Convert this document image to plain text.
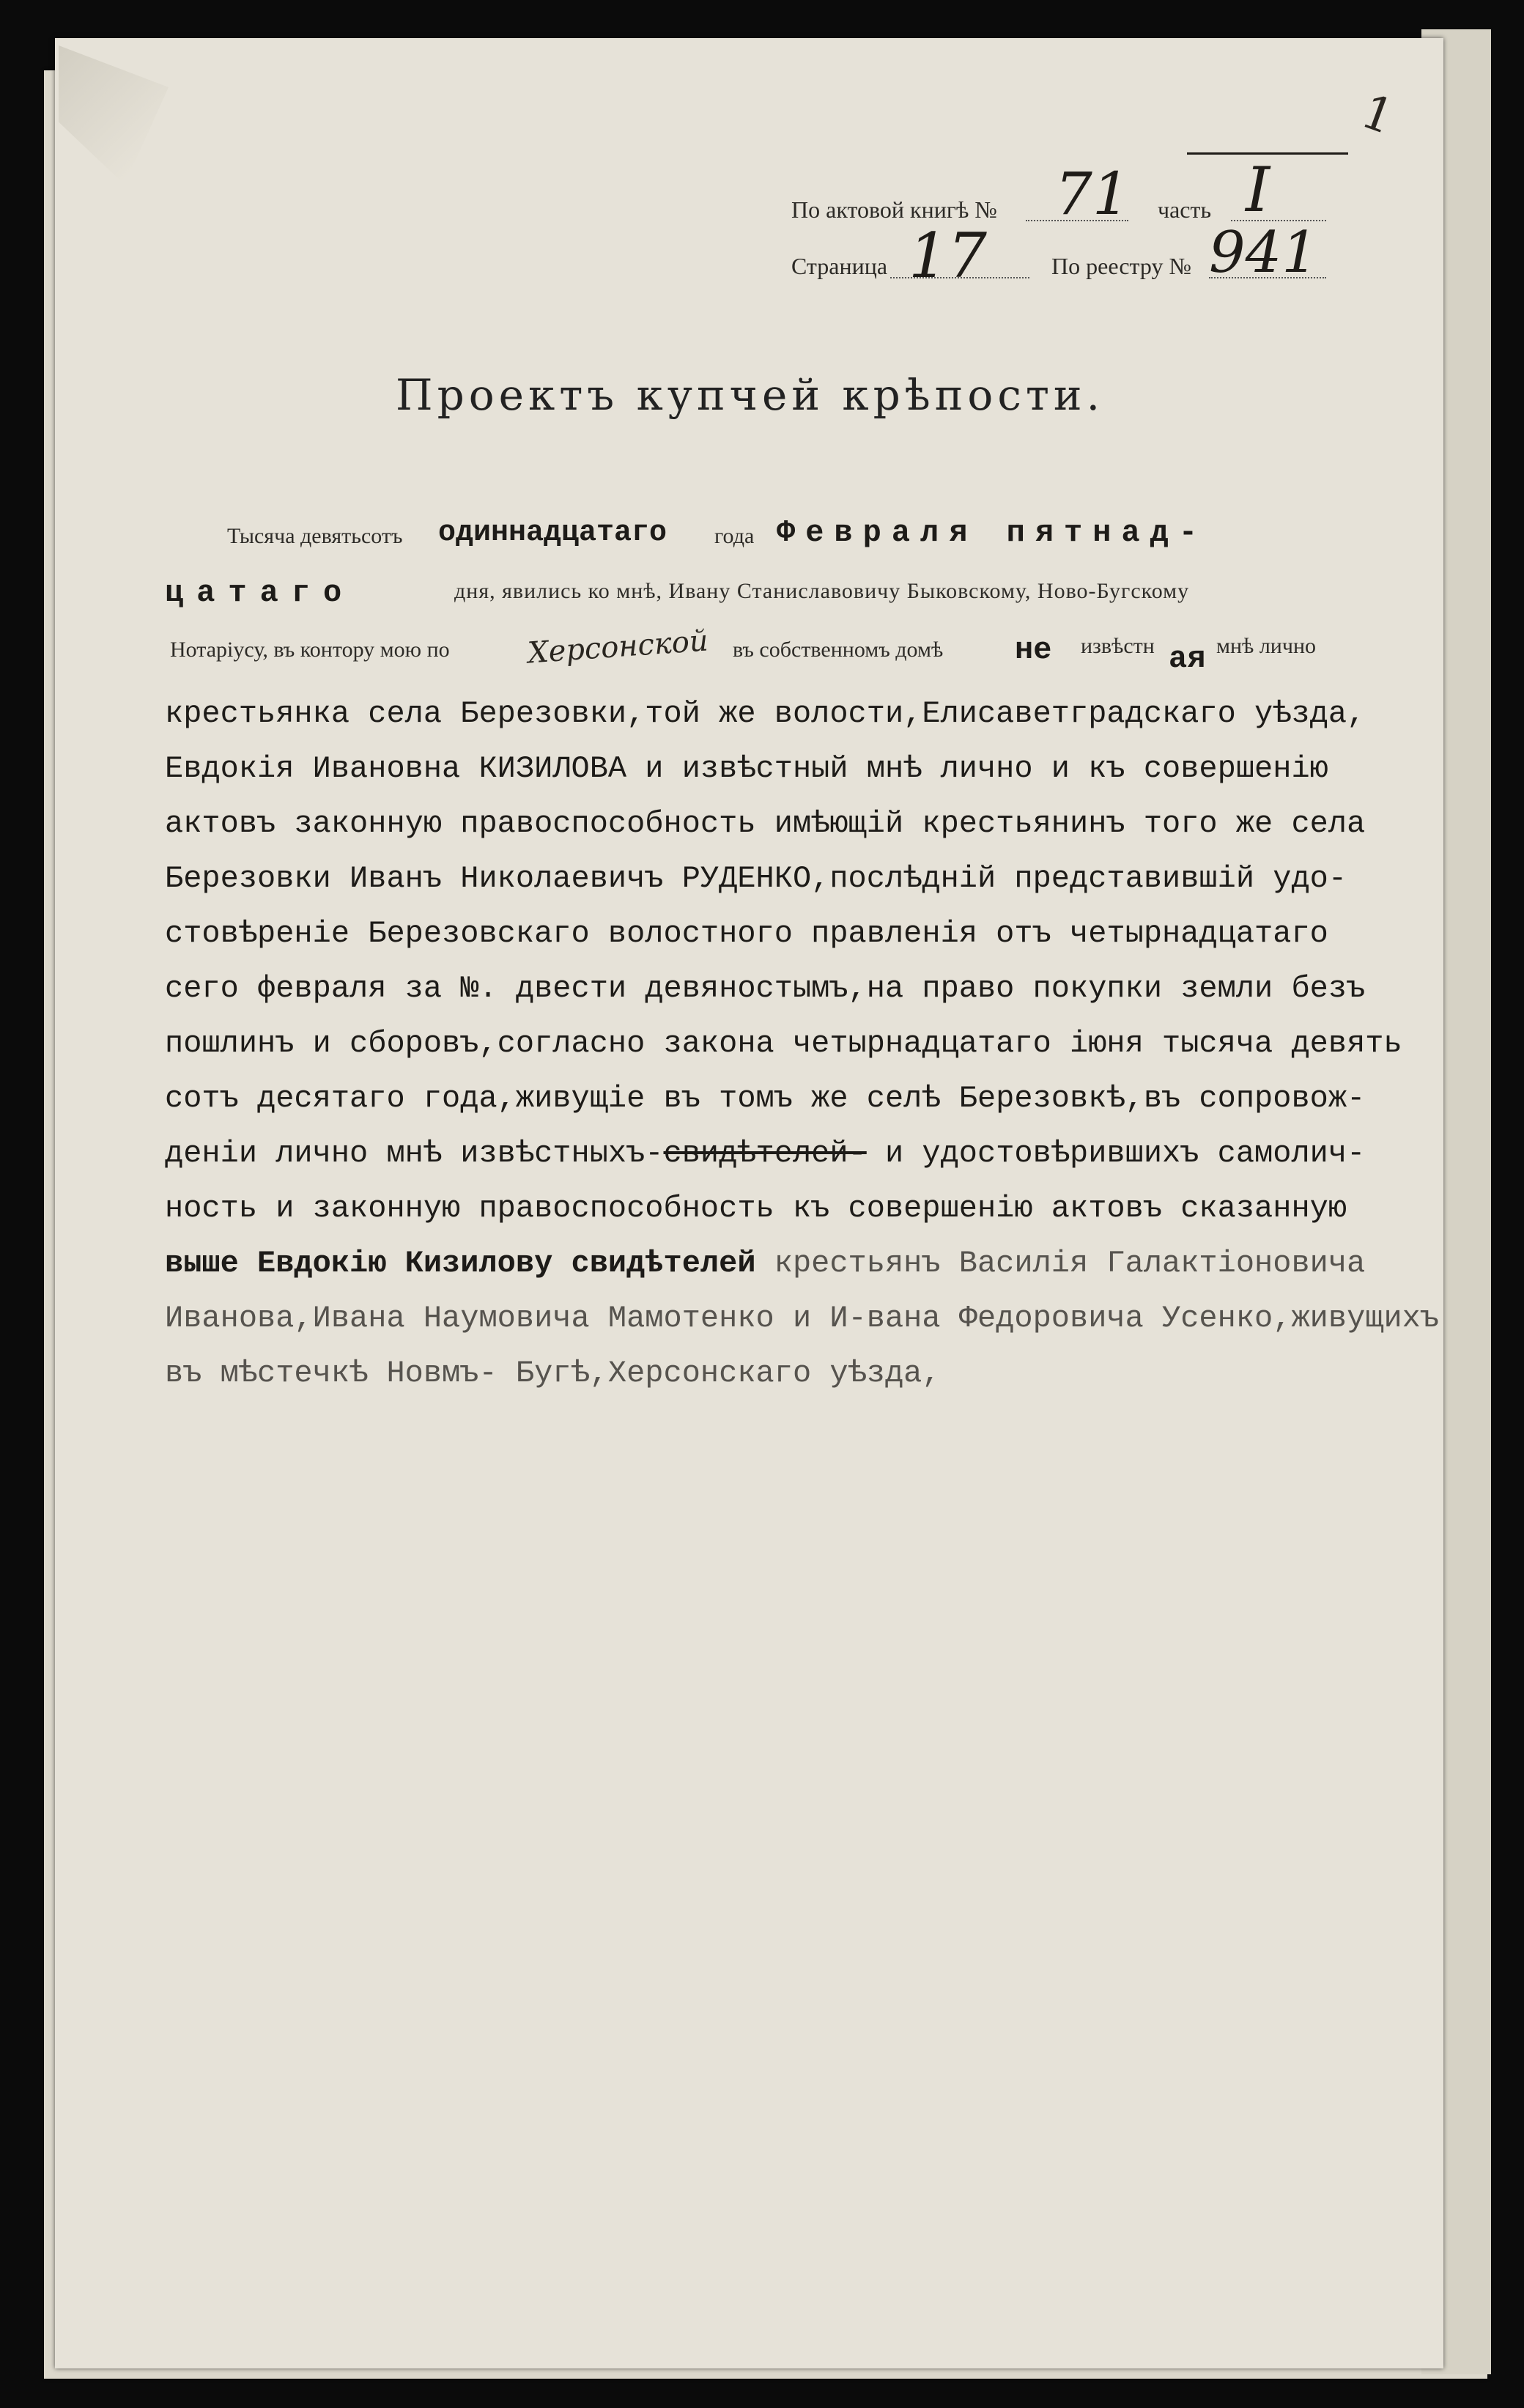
1
По актовой книгѣ № 71 часть I
Страница 17	По реестру № 941
Проектъ купчей крѣпости.
Тысяча девятьсотъ одиннадцатаго года Февраля пятнад-
цатаго	дня, явились ко мнѣ, Ивану Станиславовичу Быковскому, Ново-Бугскому
Нотаріусу, въ контору мою по	Херсонской въ собственномъ домѣ не извѣстн ая мнѣ лично
крестьянка села Березовки,той же волости,Елисаветградскаго уѣзда,
Евдокія Ивановна КИЗИЛОВА и извѣстный мнѣ лично и къ совершенію
актовъ законную правоспособность имѣющій крестьянинъ того же села
Березовки Иванъ Николаевичъ РУДЕНКО,послѣдній представившій удо-
стовѣреніе Березовскаго волостного правленія отъ четырнадцатаго
сего февраля за №. двести девяностымъ,на право покупки земли безъ
пошлинъ и сборовъ,согласно закона четырнадцатаго іюня тысяча девять
сотъ десятаго года,живущіе въ томъ же селѣ Березовкѣ,въ сопровож-
деніи лично мнѣ извѣстныхъ-свидѣтелей- и удостовѣрившихъ самолич-
ность и законную правоспособность къ совершенію актовъ сказанную
выше Евдокію Кизилову свидѣтелей крестьянъ Василія Галактіоновича
Иванова,Ивана Наумовича Мамотенко и И-вана Федоровича Усенко,живущихъ
въ мѣстечкѣ Новмъ- Бугѣ,Херсонскаго уѣзда,
